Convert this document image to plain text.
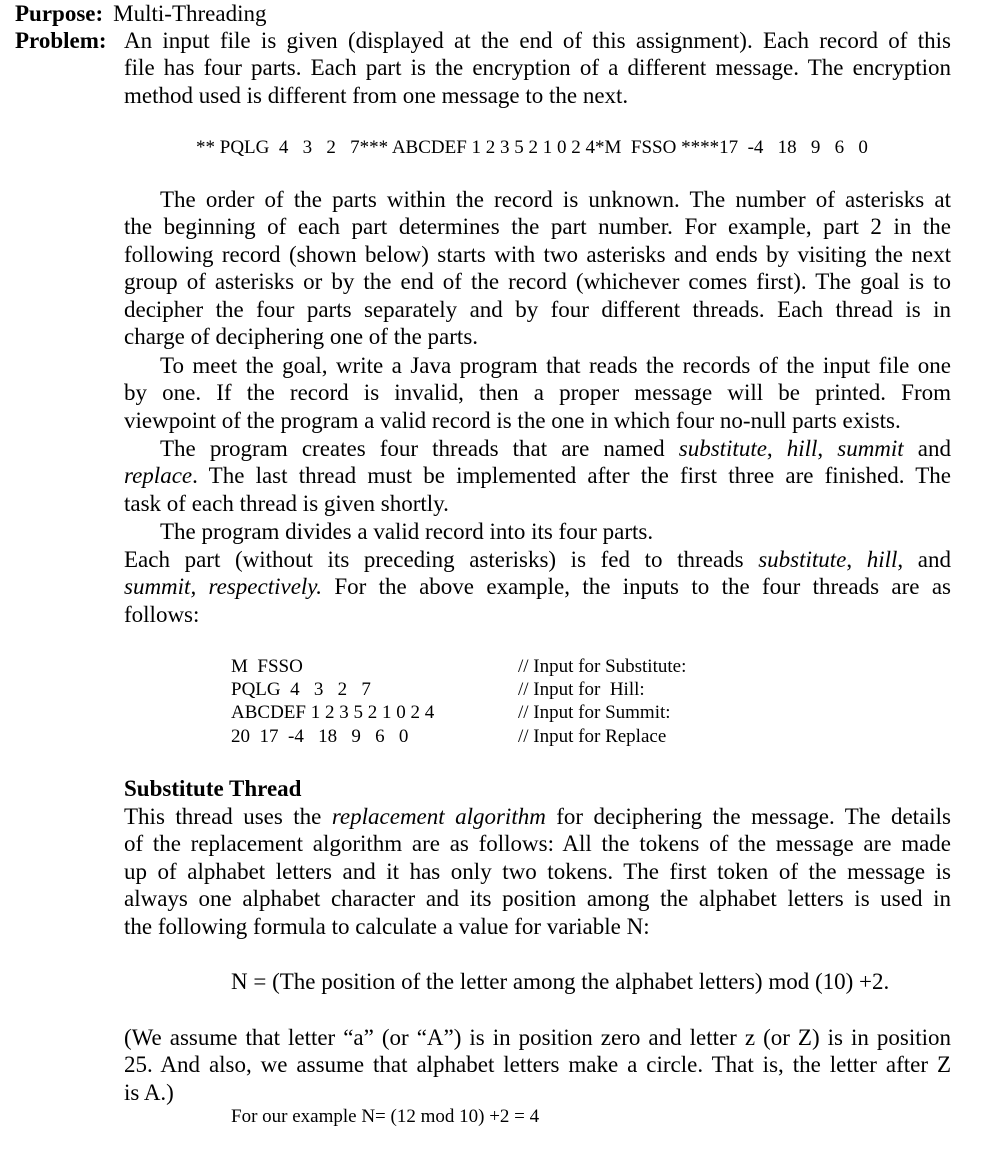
Purpose: Multi-Threading
Problem: An input file is given (displayed at the end of this assignment). Each record of this
file has four parts. Each part is the encryption of a different message. The encryption
method used is different from one message to the next.
** PQLG  4   3   2   7*** ABCDEF 1 2 3 5 2 1 0 2 4*M  FSSO ****17  -4   18   9   6   0
The order of the parts within the record is unknown. The number of asterisks at
the beginning of each part determines the part number. For example, part 2 in the
following record (shown below) starts with two asterisks and ends by visiting the next
group of asterisks or by the end of the record (whichever comes first). The goal is to
decipher the four parts separately and by four different threads. Each thread is in
charge of deciphering one of the parts.
To meet the goal, write a Java program that reads the records of the input file one
by one. If the record is invalid, then a proper message will be printed. From
viewpoint of the program a valid record is the one in which four no-null parts exists.
The program creates four threads that are named substitute, hill, summit and
replace. The last thread must be implemented after the first three are finished. The
task of each thread is given shortly.
The program divides a valid record into its four parts.
Each part (without its preceding asterisks) is fed to threads substitute, hill, and
summit, respectively. For the above example, the inputs to the four threads are as
follows:
M  FSSO
PQLG  4   3   2   7
ABCDEF 1 2 3 5 2 1 0 2 4
20  17  -4   18   9   6   0
// Input for Substitute:
// Input for  Hill:
// Input for Summit:
// Input for Replace
Substitute Thread
This thread uses the replacement algorithm for deciphering the message. The details
of the replacement algorithm are as follows: All the tokens of the message are made
up of alphabet letters and it has only two tokens. The first token of the message is
always one alphabet character and its position among the alphabet letters is used in
the following formula to calculate a value for variable N:
N = (The position of the letter among the alphabet letters) mod (10) +2.
(We assume that letter “a” (or “A”) is in position zero and letter z (or Z) is in position
25. And also, we assume that alphabet letters make a circle. That is, the letter after Z
is A.)
For our example N= (12 mod 10) +2 = 4
